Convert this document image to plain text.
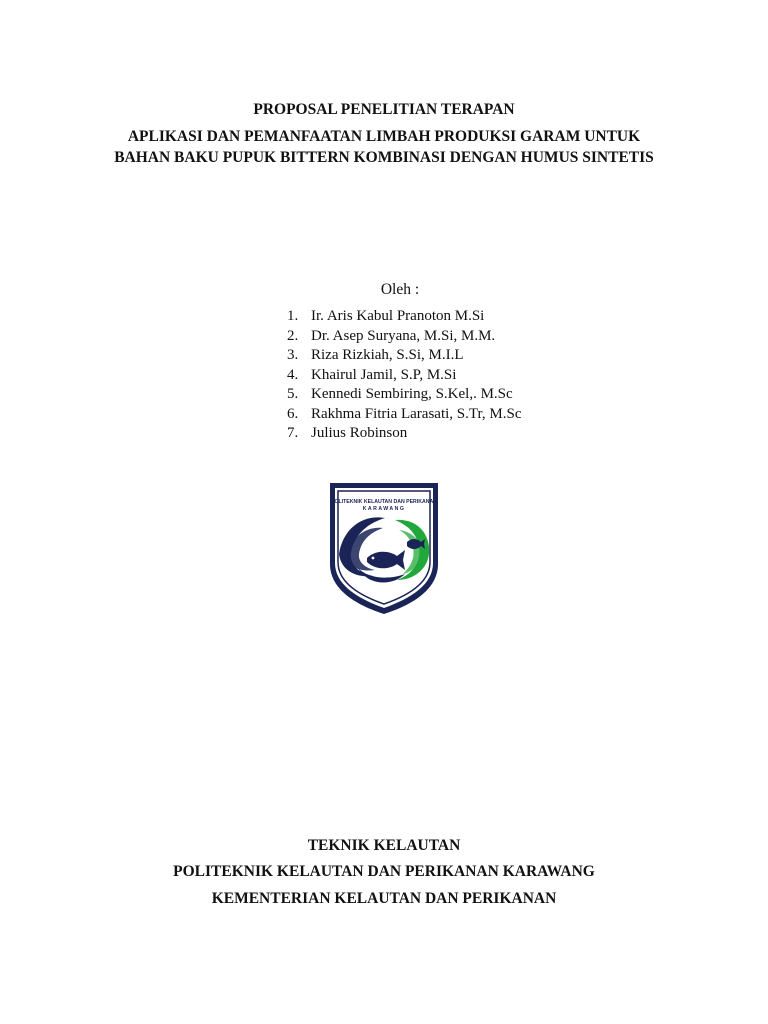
PROPOSAL PENELITIAN TERAPAN
APLIKASI DAN PEMANFAATAN LIMBAH PRODUKSI GARAM UNTUK
BAHAN BAKU PUPUK BITTERN KOMBINASI DENGAN HUMUS SINTETIS
Oleh :
1. Ir. Aris Kabul Pranoton M.Si
2. Dr. Asep Suryana, M.Si, M.M.
3. Riza Rizkiah, S.Si, M.I.L
4. Khairul Jamil, S.P, M.Si
5. Kennedi Sembiring, S.Kel,. M.Sc
6. Rakhma Fitria Larasati, S.Tr, M.Sc
7. Julius Robinson
POLITEKNIK KELAUTAN DAN PERIKANAN
KARAWANG
TEKNIK KELAUTAN
POLITEKNIK KELAUTAN DAN PERIKANAN KARAWANG
KEMENTERIAN KELAUTAN DAN PERIKANAN
